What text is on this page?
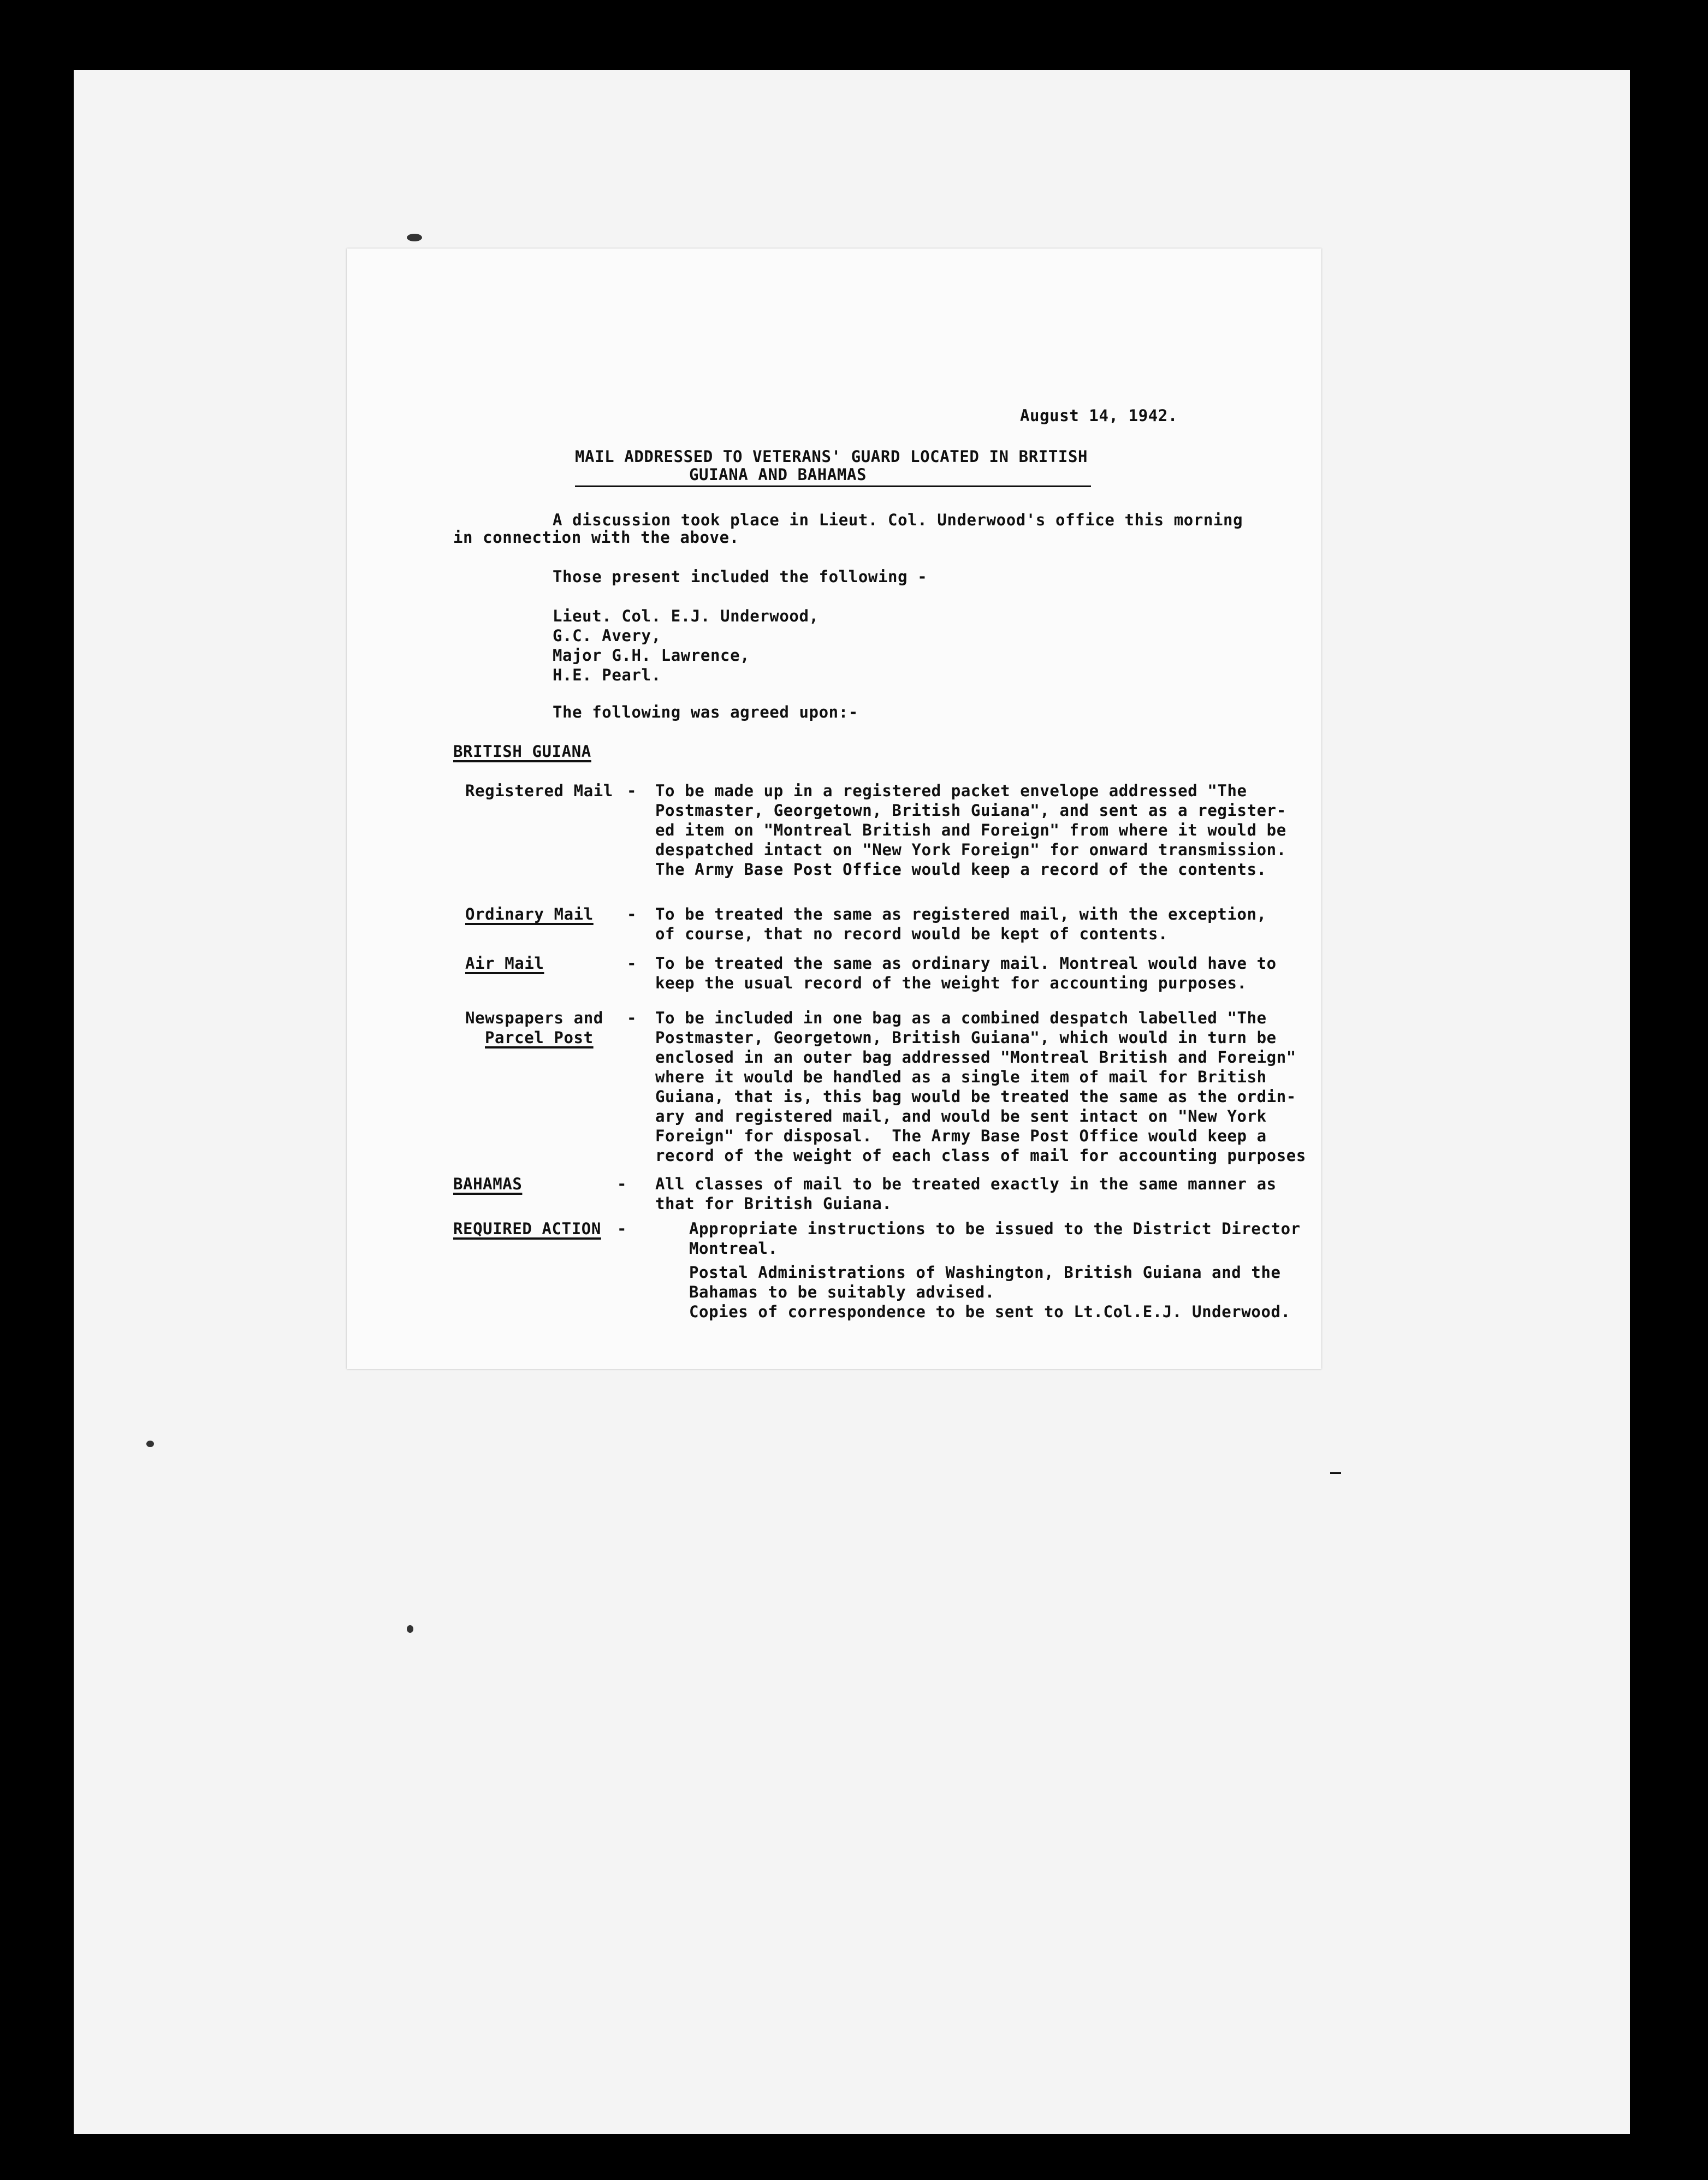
August 14, 1942.
MAIL ADDRESSED TO VETERANS' GUARD LOCATED IN BRITISH
GUIANA AND BAHAMAS
A discussion took place in Lieut. Col. Underwood's office this morning
in connection with the above.
Those present included the following -
Lieut. Col. E.J. Underwood,
G.C. Avery,
Major G.H. Lawrence,
H.E. Pearl.
The following was agreed upon:-
BRITISH GUIANA
Registered Mail - To be made up in a registered packet envelope addressed "The
Postmaster, Georgetown, British Guiana", and sent as a register-
ed item on "Montreal British and Foreign" from where it would be
despatched intact on "New York Foreign" for onward transmission.
The Army Base Post Office would keep a record of the contents.
Ordinary Mail - To be treated the same as registered mail, with the exception,
of course, that no record would be kept of contents.
Air Mail	- To be treated the same as ordinary mail. Montreal would have to
keep the usual record of the weight for accounting purposes.
Newspapers and
Parcel Post
- To be included in one bag as a combined despatch labelled "The
Postmaster, Georgetown, British Guiana", which would in turn be
enclosed in an outer bag addressed "Montreal British and Foreign"
where it would be handled as a single item of mail for British
Guiana, that is, this bag would be treated the same as the ordin-
ary and registered mail, and would be sent intact on "New York
Foreign" for disposal.  The Army Base Post Office would keep a
record of the weight of each class of mail for accounting purposes
BAHAMAS	- All classes of mail to be treated exactly in the same manner as
that for British Guiana.
REQUIRED ACTION -	Appropriate instructions to be issued to the District Director
Montreal.
Postal Administrations of Washington, British Guiana and the
Bahamas to be suitably advised.
Copies of correspondence to be sent to Lt.Col.E.J. Underwood.
